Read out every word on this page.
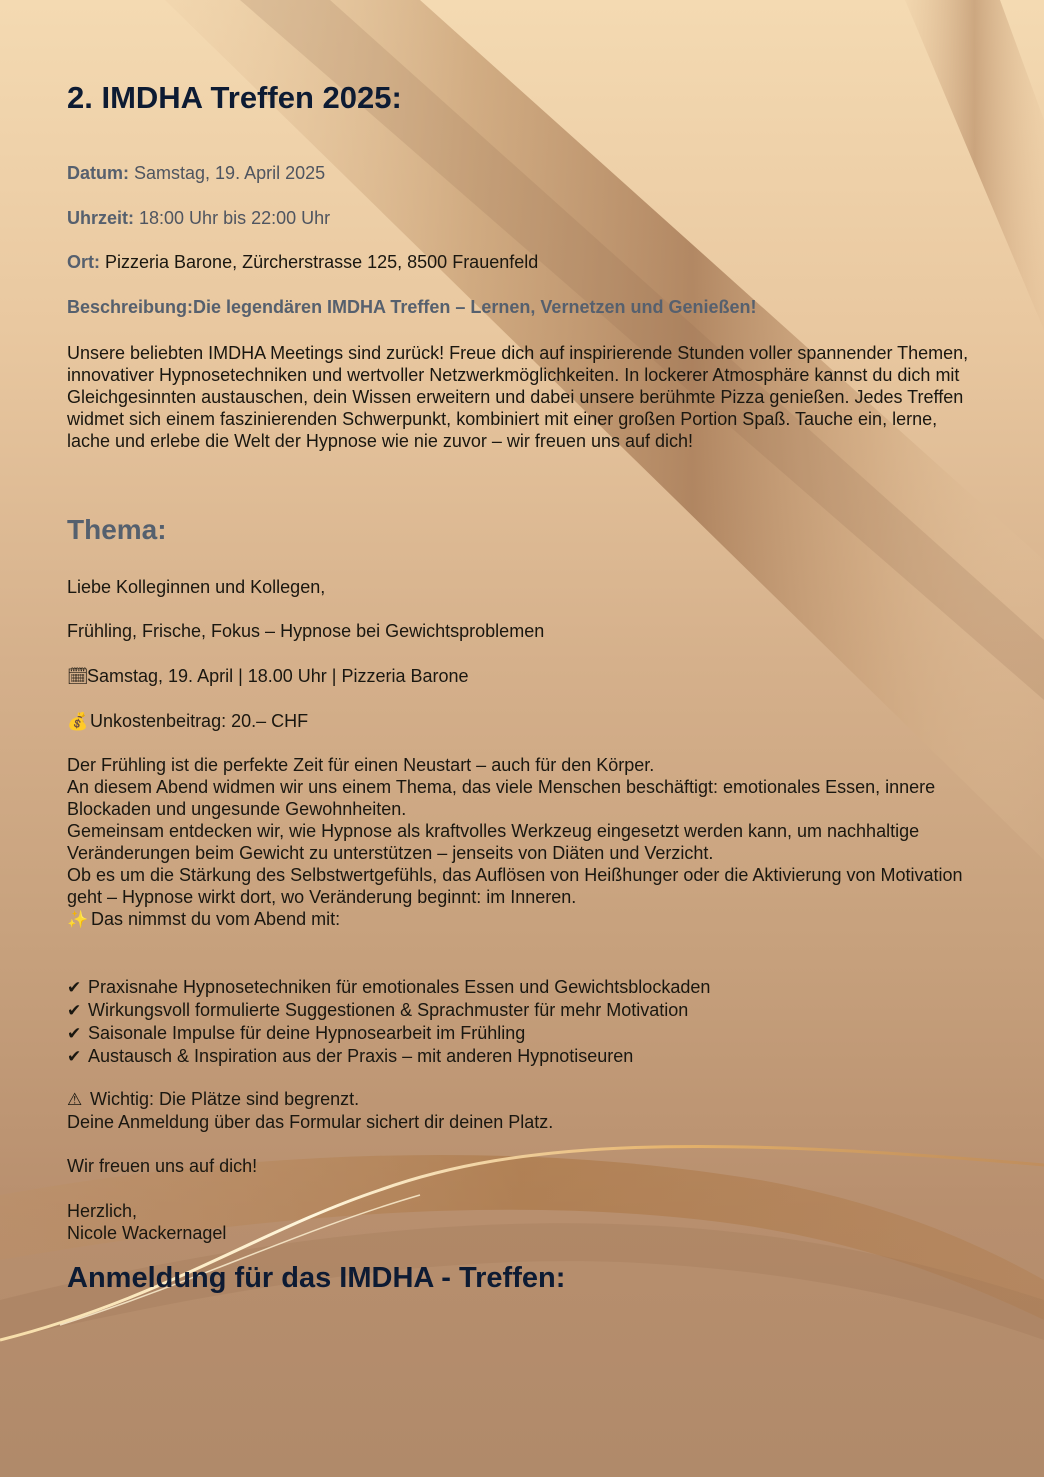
2. IMDHA Treffen 2025:
Datum: Samstag, 19. April 2025
Uhrzeit: 18:00 Uhr bis 22:00 Uhr
Ort: Pizzeria Barone, Zürcherstrasse 125, 8500 Frauenfeld
Beschreibung:Die legendären IMDHA Treffen – Lernen, Vernetzen und Genießen!
Unsere beliebten IMDHA Meetings sind zurück! Freue dich auf inspirierende Stunden voller spannender Themen, innovativer Hypnosetechniken und wertvoller Netzwerkmöglichkeiten. In lockerer Atmosphäre kannst du dich mit Gleichgesinnten austauschen, dein Wissen erweitern und dabei unsere berühmte Pizza genießen. Jedes Treffen widmet sich einem faszinierenden Schwerpunkt, kombiniert mit einer großen Portion Spaß. Tauche ein, lerne, lache und erlebe die Welt der Hypnose wie nie zuvor – wir freuen uns auf dich!
Thema:
Liebe Kolleginnen und Kollegen,
Frühling, Frische, Fokus – Hypnose bei Gewichtsproblemen
🗓Samstag, 19. April | 18.00 Uhr | Pizzeria Barone
💰 Unkostenbeitrag: 20.– CHF
Der Frühling ist die perfekte Zeit für einen Neustart – auch für den Körper.
An diesem Abend widmen wir uns einem Thema, das viele Menschen beschäftigt: emotionales Essen, innere Blockaden und ungesunde Gewohnheiten.
Gemeinsam entdecken wir, wie Hypnose als kraftvolles Werkzeug eingesetzt werden kann, um nachhaltige Veränderungen beim Gewicht zu unterstützen – jenseits von Diäten und Verzicht.
Ob es um die Stärkung des Selbstwertgefühls, das Auflösen von Heißhunger oder die Aktivierung von Motivation geht – Hypnose wirkt dort, wo Veränderung beginnt: im Inneren.
✨ Das nimmst du vom Abend mit:
✔ Praxisnahe Hypnosetechniken für emotionales Essen und Gewichtsblockaden
✔ Wirkungsvoll formulierte Suggestionen & Sprachmuster für mehr Motivation
✔ Saisonale Impulse für deine Hypnosearbeit im Frühling
✔ Austausch & Inspiration aus der Praxis – mit anderen Hypnotiseuren
⚠ Wichtig: Die Plätze sind begrenzt.
Deine Anmeldung über das Formular sichert dir deinen Platz.
Wir freuen uns auf dich!
Herzlich,
Nicole Wackernagel
Anmeldung für das IMDHA - Treffen:
